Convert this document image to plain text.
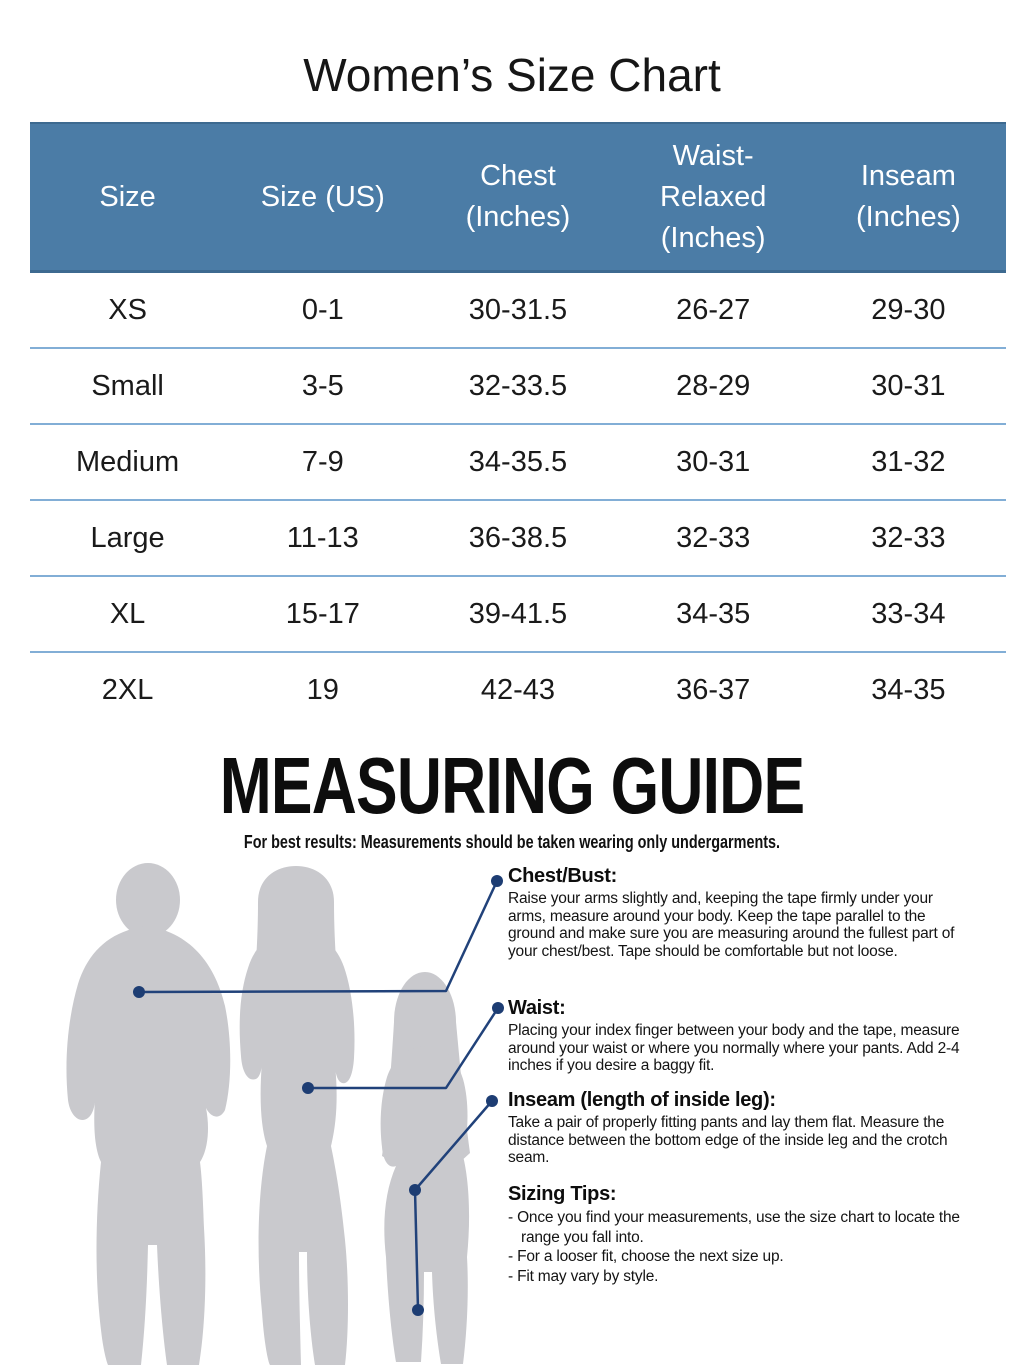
Women’s Size Chart
Size	Size (US)	Chest (Inches)	Waist-Relaxed (Inches)	Inseam (Inches)
XS	0-1	30-31.5	26-27	29-30
Small	3-5	32-33.5	28-29	30-31
Medium	7-9	34-35.5	30-31	31-32
Large	11-13	36-38.5	32-33	32-33
XL	15-17	39-41.5	34-35	33-34
2XL	19	42-43	36-37	34-35
MEASURING GUIDE
For best results: Measurements should be taken wearing only undergarments.
Chest/Bust:

Raise your arms slightly and, keeping the tape firmly under your arms, measure around your body. Keep the tape parallel to the ground and make sure you are measuring around the fullest part of your chest/best. Tape should be comfortable but not loose.

Waist:

Placing your index finger between your body and the tape, measure around your waist or where you normally where your pants. Add 2-4 inches if you desire a baggy fit.

Inseam (length of inside leg):

Take a pair of properly fitting pants and lay them flat. Measure the distance between the bottom edge of the inside leg and the crotch seam.

Sizing Tips:
- Once you find your measurements, use the size chart to locate the range you fall into.
- For a looser fit, choose the next size up.
- Fit may vary by style.
